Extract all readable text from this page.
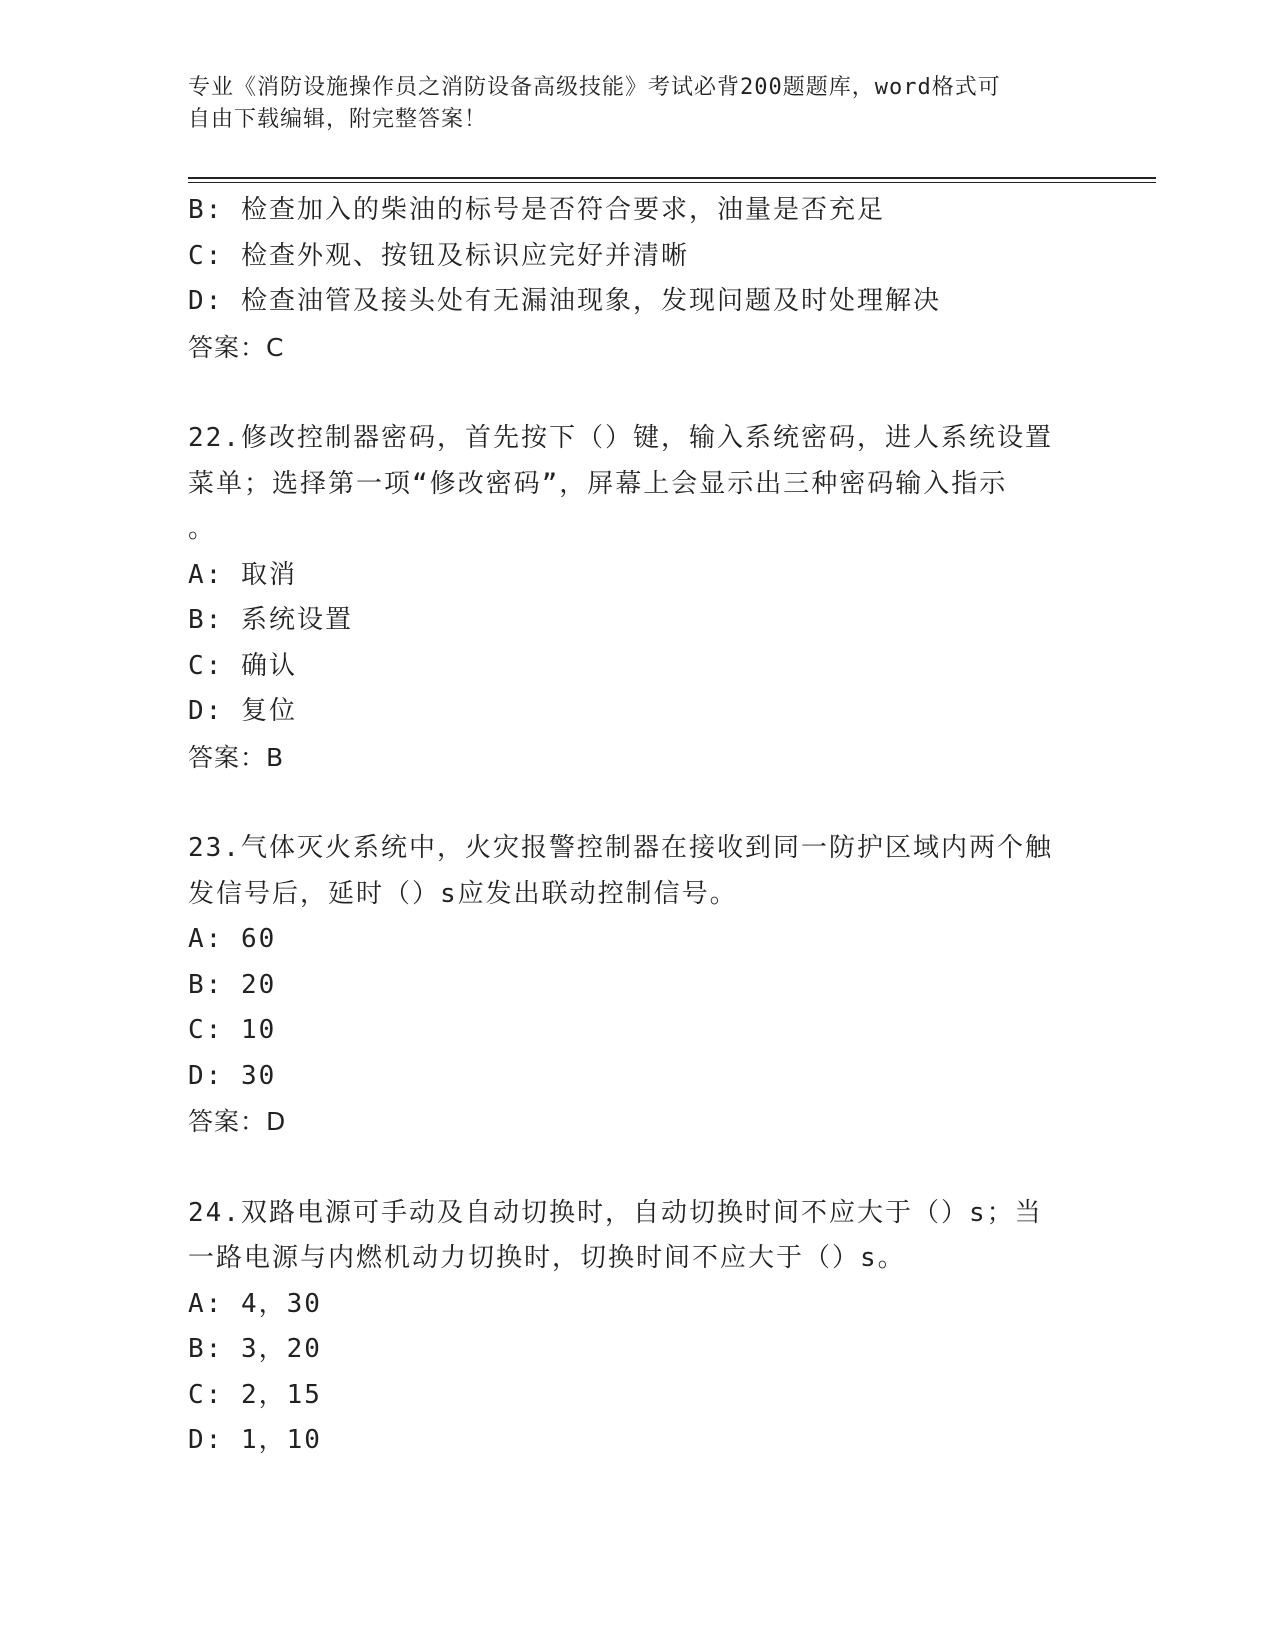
专业《消防设施操作员之消防设备高级技能》考试必背200题题库，word格式可
自由下载编辑，附完整答案！
B: 检查加入的柴油的标号是否符合要求，油量是否充足
C: 检查外观、按钮及标识应完好并清晰
D: 检查油管及接头处有无漏油现象，发现问题及时处理解决
答案：C
22.修改控制器密码，首先按下（）键，输入系统密码，进人系统设置
菜单；选择第一项“修改密码”，屏幕上会显示出三种密码输入指示
。
A: 取消
B: 系统设置
C: 确认
D: 复位
答案：B
23.气体灭火系统中，火灾报警控制器在接收到同一防护区域内两个触
发信号后，延时（）s应发出联动控制信号。
A: 60
B: 20
C: 10
D: 30
答案：D
24.双路电源可手动及自动切换时，自动切换时间不应大于（）s；当
一路电源与内燃机动力切换时，切换时间不应大于（）s。
A: 4，30
B: 3，20
C: 2，15
D: 1，10
